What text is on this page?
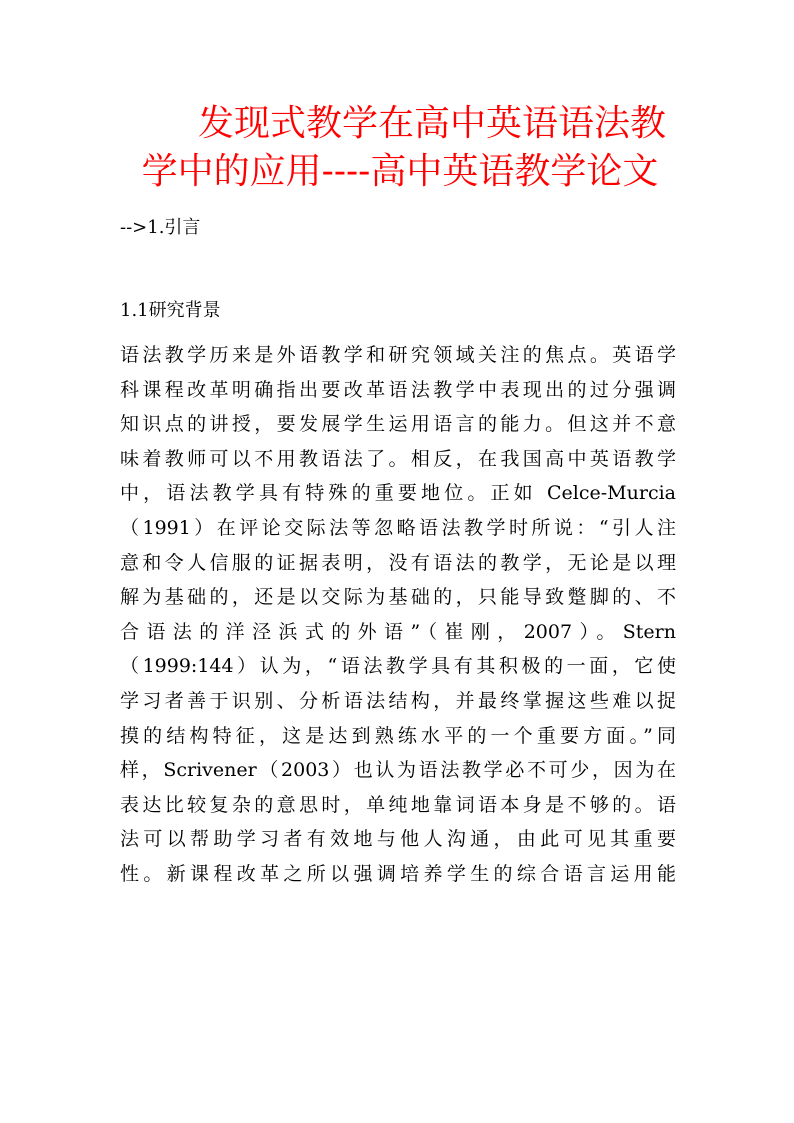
发现式教学在高中英语语法教
学中的应用----高中英语教学论文
-->1.引言
1.1研究背景
语法教学历来是外语教学和研究领域关注的焦点。英语学
科课程改革明确指出要改革语法教学中表现出的过分强调
知识点的讲授，要发展学生运用语言的能力。但这并不意
味着教师可以不用教语法了。相反，在我国高中英语教学
中，语法教学具有特殊的重要地位。正如 Celce-Murcia
（1991）在评论交际法等忽略语法教学时所说：“引人注
意和令人信服的证据表明，没有语法的教学，无论是以理
解为基础的，还是以交际为基础的，只能导致蹩脚的、不
合语法的洋泾浜式的外语”（崔刚，2007）。Stern
（1999:144）认为，“语法教学具有其积极的一面，它使
学习者善于识别、分析语法结构，并最终掌握这些难以捉
摸的结构特征，这是达到熟练水平的一个重要方面。”同
样，Scrivener（2003）也认为语法教学必不可少，因为在
表达比较复杂的意思时，单纯地靠词语本身是不够的。语
法可以帮助学习者有效地与他人沟通，由此可见其重要
性。新课程改革之所以强调培养学生的综合语言运用能
